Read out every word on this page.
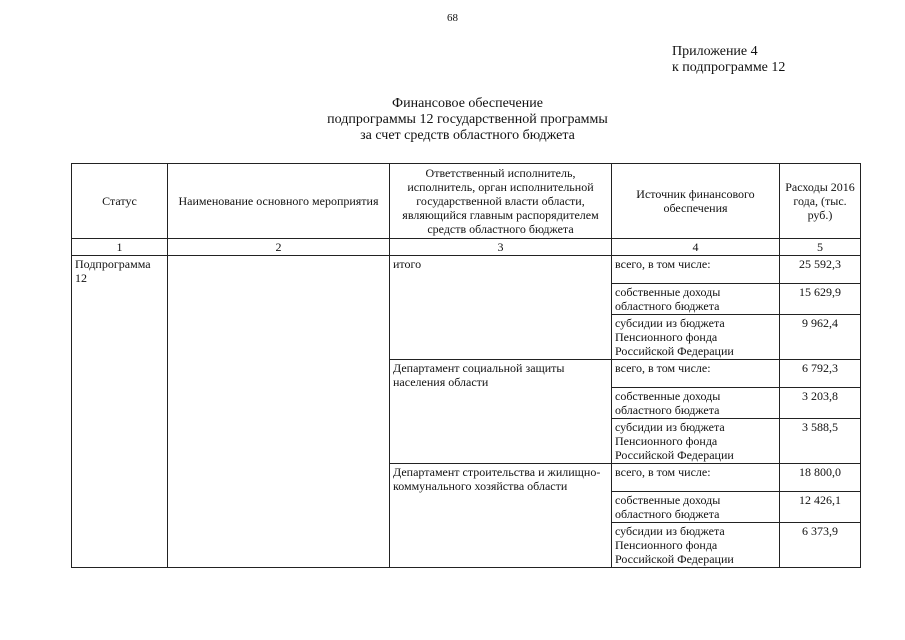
68
Приложение 4
к подпрограмме 12
Финансовое обеспечение
подпрограммы 12 государственной программы
за счет средств областного бюджета
Статус	Наименование основного мероприятия	Ответственный исполнитель, исполнитель, орган исполнительной государственной власти области, являющийся главным распорядителем средств областного бюджета	Источник финансового обеспечения	Расходы 2016 года, (тыс. руб.)
1	2	3	4	5
Подпрограмма 12		итого	всего, в том числе:	25 592,3
			собственные доходы областного бюджета	15 629,9
			субсидии из бюджета Пенсионного фонда Российской Федерации	9 962,4
		Департамент социальной защиты населения области	всего, в том числе:	6 792,3
			собственные доходы областного бюджета	3 203,8
			субсидии из бюджета Пенсионного фонда Российской Федерации	3 588,5
		Департамент строительства и жилищно-коммунального хозяйства области	всего, в том числе:	18 800,0
			собственные доходы областного бюджета	12 426,1
			субсидии из бюджета Пенсионного фонда Российской Федерации	6 373,9
